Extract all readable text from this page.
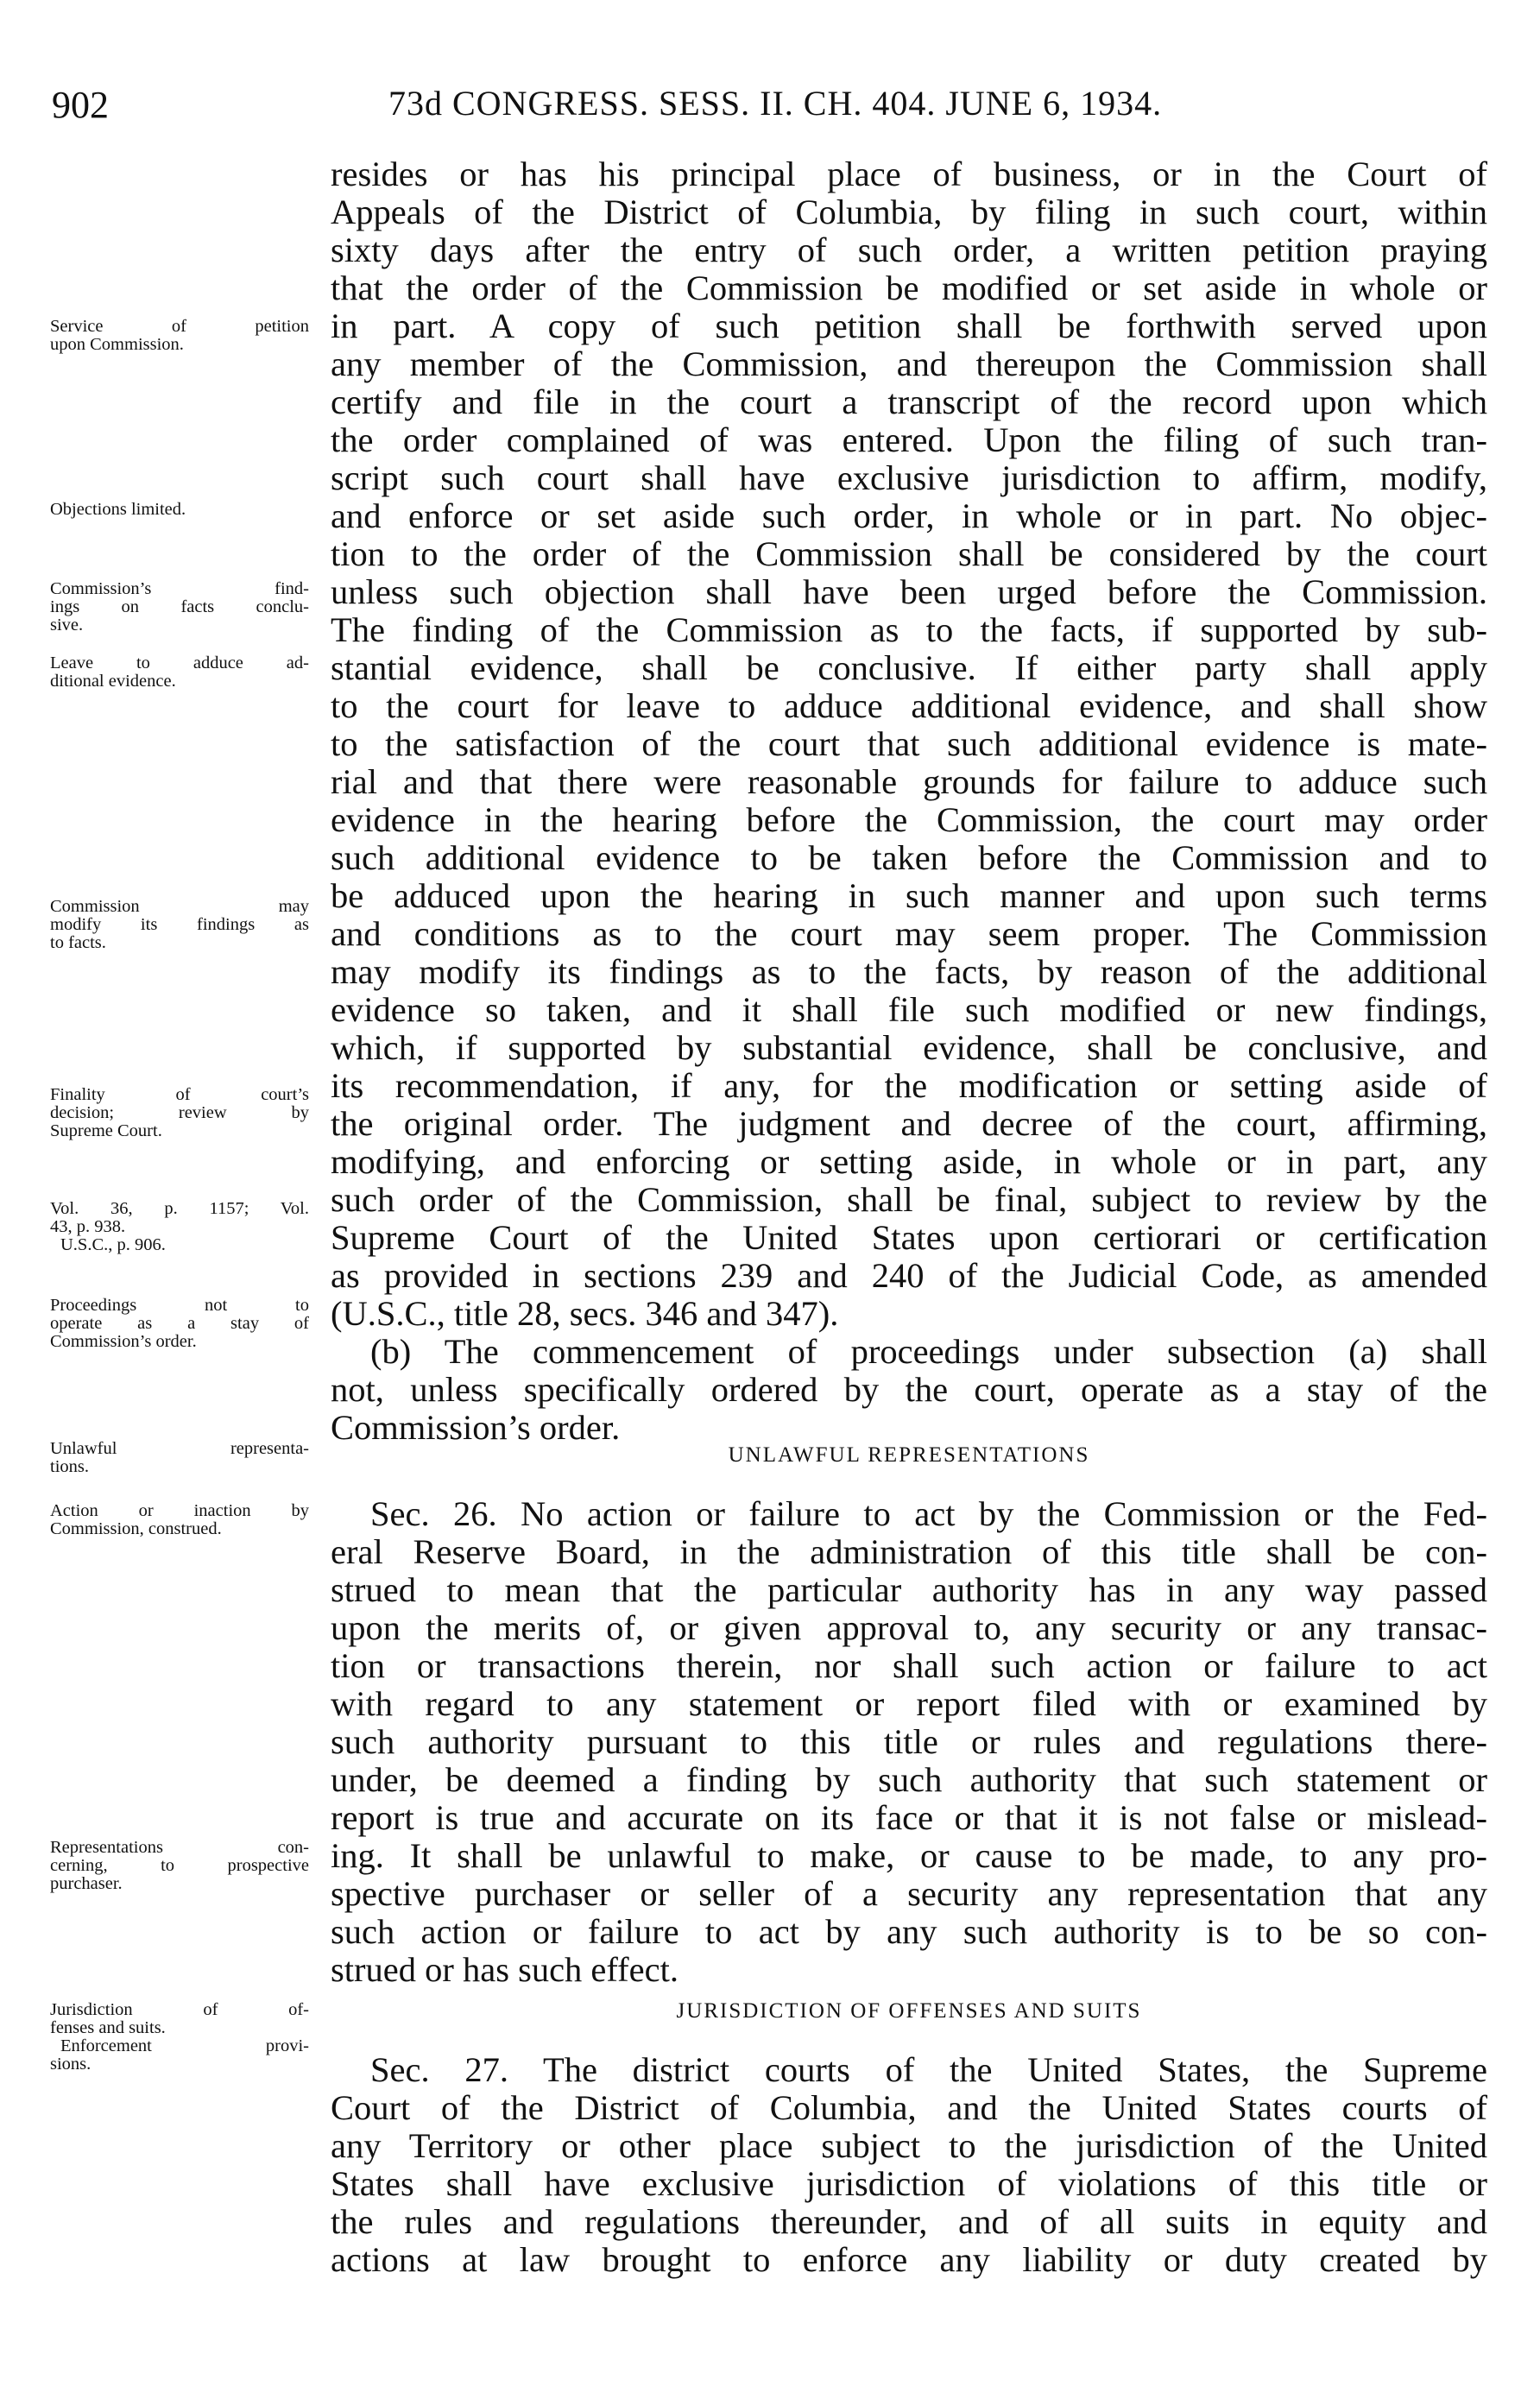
902	73d CONGRESS. SESS. II. CH. 404. JUNE 6, 1934.
resides or has his principal place of business, or in the Court of
Appeals of the District of Columbia, by filing in such court, within
sixty days after the entry of such order, a written petition praying
that the order of the Commission be modified or set aside in whole or
in part. A copy of such petition shall be forthwith served upon
any member of the Commission, and thereupon the Commission shall
certify and file in the court a transcript of the record upon which
the order complained of was entered. Upon the filing of such tran-
script such court shall have exclusive jurisdiction to affirm, modify,
and enforce or set aside such order, in whole or in part. No objec-
tion to the order of the Commission shall be considered by the court
unless such objection shall have been urged before the Commission.
The finding of the Commission as to the facts, if supported by sub-
stantial evidence, shall be conclusive. If either party shall apply
to the court for leave to adduce additional evidence, and shall show
to the satisfaction of the court that such additional evidence is mate-
rial and that there were reasonable grounds for failure to adduce such
evidence in the hearing before the Commission, the court may order
such additional evidence to be taken before the Commission and to
be adduced upon the hearing in such manner and upon such terms
and conditions as to the court may seem proper. The Commission
may modify its findings as to the facts, by reason of the additional
evidence so taken, and it shall file such modified or new findings,
which, if supported by substantial evidence, shall be conclusive, and
its recommendation, if any, for the modification or setting aside of
the original order. The judgment and decree of the court, affirming,
modifying, and enforcing or setting aside, in whole or in part, any
such order of the Commission, shall be final, subject to review by the
Supreme Court of the United States upon certiorari or certification
as provided in sections 239 and 240 of the Judicial Code, as amended
(U.S.C., title 28, secs. 346 and 347).
(b) The commencement of proceedings under subsection (a) shall
not, unless specifically ordered by the court, operate as a stay of the
Commission’s order.
UNLAWFUL REPRESENTATIONS
Sec. 26. No action or failure to act by the Commission or the Fed-
eral Reserve Board, in the administration of this title shall be con-
strued to mean that the particular authority has in any way passed
upon the merits of, or given approval to, any security or any transac-
tion or transactions therein, nor shall such action or failure to act
with regard to any statement or report filed with or examined by
such authority pursuant to this title or rules and regulations there-
under, be deemed a finding by such authority that such statement or
report is true and accurate on its face or that it is not false or mislead-
ing. It shall be unlawful to make, or cause to be made, to any pro-
spective purchaser or seller of a security any representation that any
such action or failure to act by any such authority is to be so con-
strued or has such effect.
JURISDICTION OF OFFENSES AND SUITS
Sec. 27. The district courts of the United States, the Supreme
Court of the District of Columbia, and the United States courts of
any Territory or other place subject to the jurisdiction of the United
States shall have exclusive jurisdiction of violations of this title or
the rules and regulations thereunder, and of all suits in equity and
actions at law brought to enforce any liability or duty created by
Service of petition
upon Commission.
Objections limited.
Commission’s find-
ings on facts conclu-
sive.
Leave to adduce ad-
ditional evidence.
Commission may
modify its findings as
to facts.
Finality of court’s
decision; review by
Supreme Court.
Vol. 36, p. 1157; Vol.
43, p. 938.
U.S.C., p. 906.
Proceedings not to
operate as a stay of
Commission’s order.
Unlawful representa-
tions.
Action or inaction by
Commission, construed.
Representations con-
cerning, to prospective
purchaser.
Jurisdiction of of-
fenses and suits.
Enforcement provi-
sions.
